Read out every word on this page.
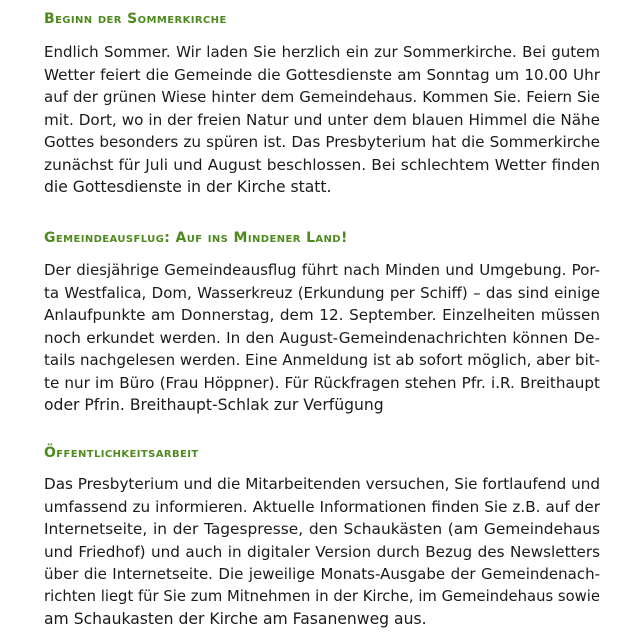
Beginn der Sommerkirche
Endlich Sommer. Wir laden Sie herzlich ein zur Sommerkirche. Bei gutem
Wetter feiert die Gemeinde die Gottesdienste am Sonntag um 10.00 Uhr
auf der grünen Wiese hinter dem Gemeindehaus. Kommen Sie. Feiern Sie
mit. Dort, wo in der freien Natur und unter dem blauen Himmel die Nähe
Gottes besonders zu spüren ist. Das Presbyterium hat die Sommerkirche
zunächst für Juli und August beschlossen. Bei schlechtem Wetter finden
die Gottesdienste in der Kirche statt.
Gemeindeausflug: Auf ins Mindener Land!
Der diesjährige Gemeindeausflug führt nach Minden und Umgebung. Por-
ta Westfalica, Dom, Wasserkreuz (Erkundung per Schiff) – das sind einige
Anlaufpunkte am Donnerstag, dem 12. September. Einzelheiten müssen
noch erkundet werden. In den August-Gemeindenachrichten können De-
tails nachgelesen werden. Eine Anmeldung ist ab sofort möglich, aber bit-
te nur im Büro (Frau Höppner). Für Rückfragen stehen Pfr. i.R. Breithaupt
oder Pfrin. Breithaupt-Schlak zur Verfügung
Öffentlichkeitsarbeit
Das Presbyterium und die Mitarbeitenden versuchen, Sie fortlaufend und
umfassend zu informieren. Aktuelle Informationen finden Sie z.B. auf der
Internetseite, in der Tagespresse, den Schaukästen (am Gemeindehaus
und Friedhof) und auch in digitaler Version durch Bezug des Newsletters
über die Internetseite. Die jeweilige Monats-Ausgabe der Gemeindenach-
richten liegt für Sie zum Mitnehmen in der Kirche, im Gemeindehaus sowie
am Schaukasten der Kirche am Fasanenweg aus.
